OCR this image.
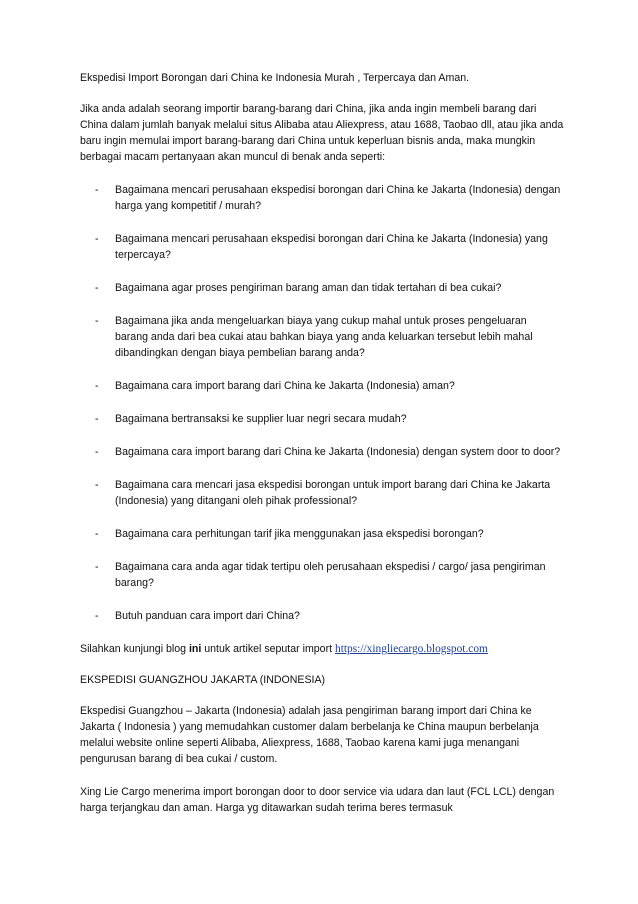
Ekspedisi Import Borongan dari China ke Indonesia Murah , Terpercaya dan Aman.

Jika anda adalah seorang importir barang-barang dari China, jika anda ingin membeli barang dari China dalam jumlah banyak melalui situs Alibaba atau Aliexpress, atau 1688, Taobao dll, atau jika anda baru ingin memulai import barang-barang dari China untuk keperluan bisnis anda, maka mungkin berbagai macam pertanyaan akan muncul di benak anda seperti:

- Bagaimana mencari perusahaan ekspedisi borongan dari China ke Jakarta (Indonesia) dengan harga yang kompetitif / murah?
- Bagaimana mencari perusahaan ekspedisi borongan dari China ke Jakarta (Indonesia) yang terpercaya?
- Bagaimana agar proses pengiriman barang aman dan tidak tertahan di bea cukai?
- Bagaimana jika anda mengeluarkan biaya yang cukup mahal untuk proses pengeluaran barang anda dari bea cukai atau bahkan biaya yang anda keluarkan tersebut lebih mahal dibandingkan dengan biaya pembelian barang anda?
- Bagaimana cara import barang dari China ke Jakarta (Indonesia) aman?
- Bagaimana bertransaksi ke supplier luar negri secara mudah?
- Bagaimana cara import barang dari China ke Jakarta (Indonesia) dengan system door to door?
- Bagaimana cara mencari jasa ekspedisi borongan untuk import barang dari China ke Jakarta (Indonesia) yang ditangani oleh pihak professional?
- Bagaimana cara perhitungan tarif jika menggunakan jasa ekspedisi borongan?
- Bagaimana cara anda agar tidak tertipu oleh perusahaan ekspedisi / cargo/ jasa pengiriman barang?
- Butuh panduan cara import dari China?

Silahkan kunjungi blog ini untuk artikel seputar import https://xingliecargo.blogspot.com

EKSPEDISI GUANGZHOU JAKARTA (INDONESIA)

Ekspedisi Guangzhou – Jakarta (Indonesia) adalah jasa pengiriman barang import dari China ke Jakarta ( Indonesia ) yang memudahkan customer dalam berbelanja ke China maupun berbelanja melalui website online seperti Alibaba, Aliexpress, 1688, Taobao karena kami juga menangani pengurusan barang di bea cukai / custom.

Xing Lie Cargo menerima import borongan door to door service via udara dan laut (FCL LCL) dengan harga terjangkau dan aman. Harga yg ditawarkan sudah terima beres termasuk
